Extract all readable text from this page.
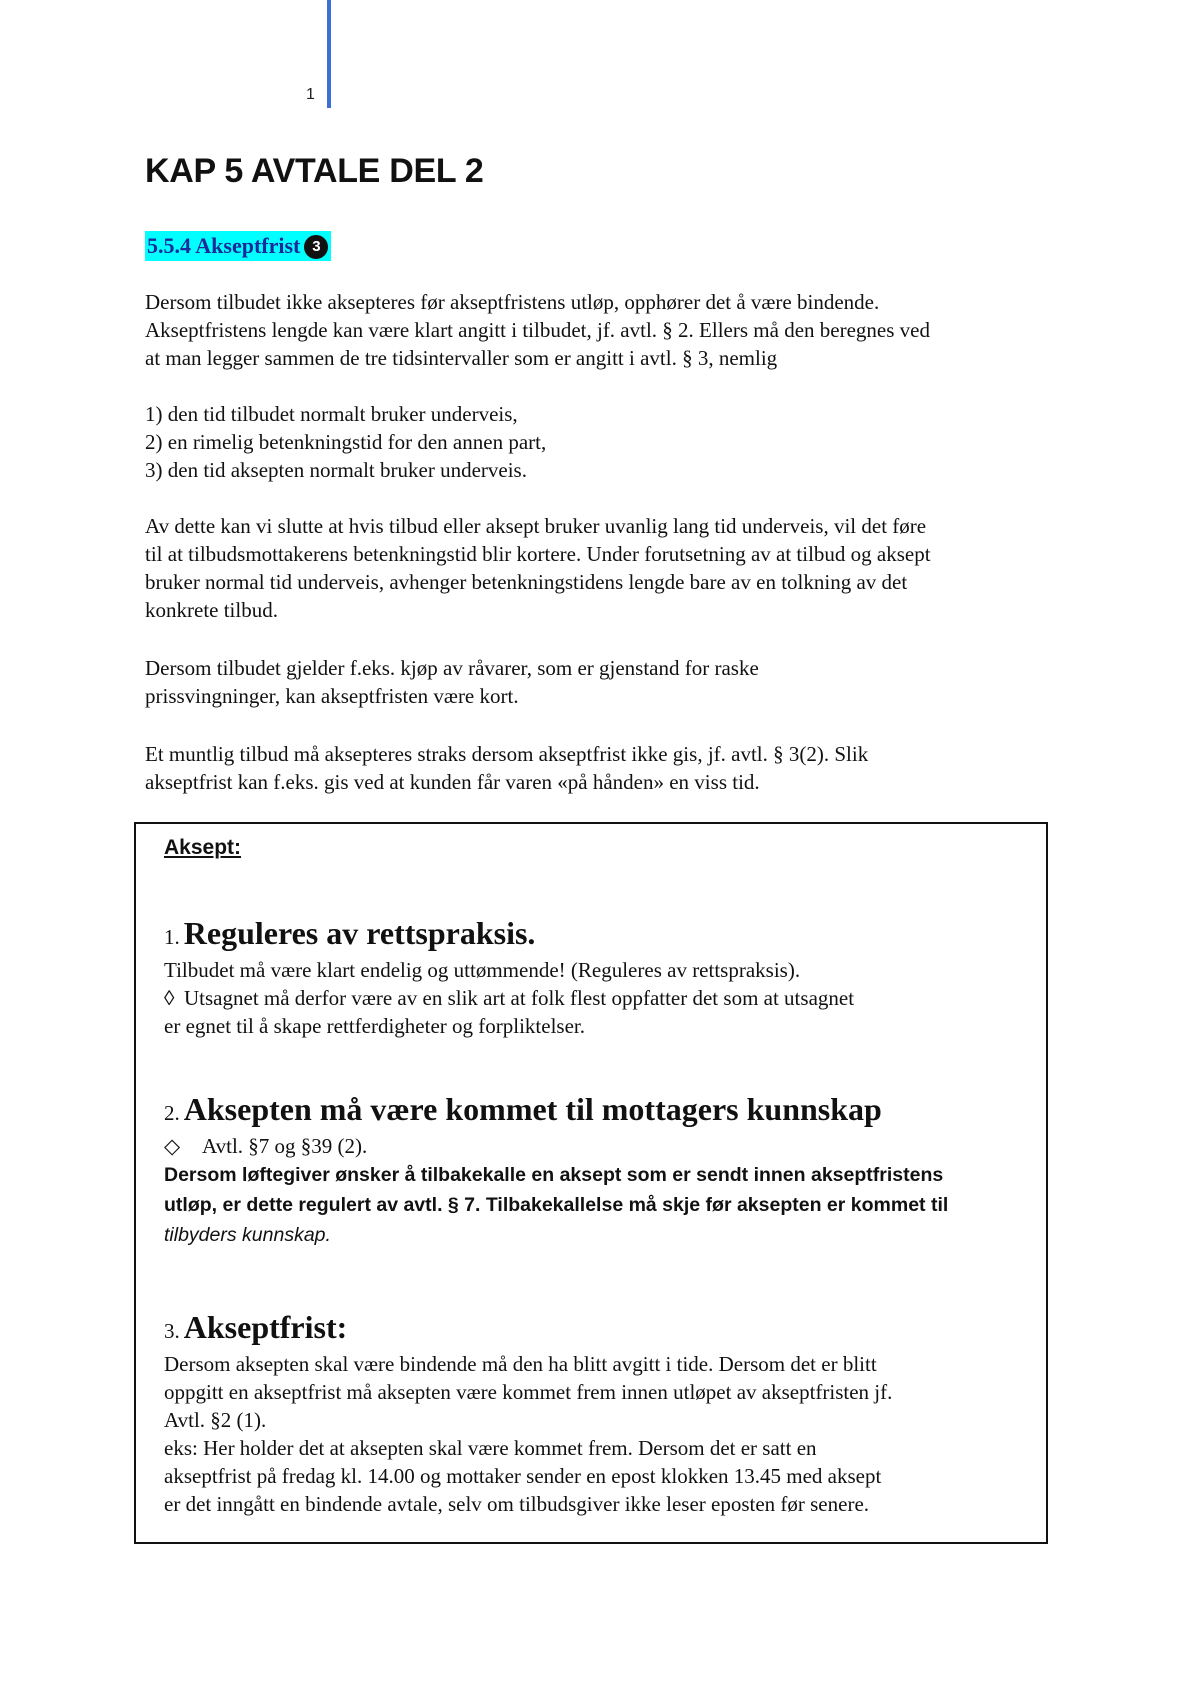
1
KAP 5 AVTALE DEL 2
5.5.4 Akseptfrist 3
Dersom tilbudet ikke aksepteres før akseptfristens utløp, opphører det å være bindende.
Akseptfristens lengde kan være klart angitt i tilbudet, jf. avtl. § 2. Ellers må den beregnes ved
at man legger sammen de tre tidsintervaller som er angitt i avtl. § 3, nemlig
1) den tid tilbudet normalt bruker underveis,
2) en rimelig betenkningstid for den annen part,
3) den tid aksepten normalt bruker underveis.
Av dette kan vi slutte at hvis tilbud eller aksept bruker uvanlig lang tid underveis, vil det føre
til at tilbudsmottakerens betenkningstid blir kortere. Under forutsetning av at tilbud og aksept
bruker normal tid underveis, avhenger betenkningstidens lengde bare av en tolkning av det
konkrete tilbud.
Dersom tilbudet gjelder f.eks. kjøp av råvarer, som er gjenstand for raske
prissvingninger, kan akseptfristen være kort.
Et muntlig tilbud må aksepteres straks dersom akseptfrist ikke gis, jf. avtl. § 3(2). Slik
akseptfrist kan f.eks. gis ved at kunden får varen «på hånden» en viss tid.

Aksept:

1. Reguleres av rettspraksis.

Tilbudet må være klart endelig og uttømmende! (Reguleres av rettspraksis).

◊ Utsagnet må derfor være av en slik art at folk flest oppfatter det som at utsagnet

er egnet til å skape rettferdigheter og forpliktelser.

2. Aksepten må være kommet til mottagers kunnskap

◇ Avtl. §7 og §39 (2).

Dersom løftegiver ønsker å tilbakekalle en aksept som er sendt innen akseptfristens

utløp, er dette regulert av avtl. § 7. Tilbakekallelse må skje før aksepten er kommet til

tilbyders kunnskap.

3. Akseptfrist:

Dersom aksepten skal være bindende må den ha blitt avgitt i tide. Dersom det er blitt

oppgitt en akseptfrist må aksepten være kommet frem innen utløpet av akseptfristen jf.

Avtl. §2 (1).

eks: Her holder det at aksepten skal være kommet frem. Dersom det er satt en

akseptfrist på fredag kl. 14.00 og mottaker sender en epost klokken 13.45 med aksept

er det inngått en bindende avtale, selv om tilbudsgiver ikke leser eposten før senere.
